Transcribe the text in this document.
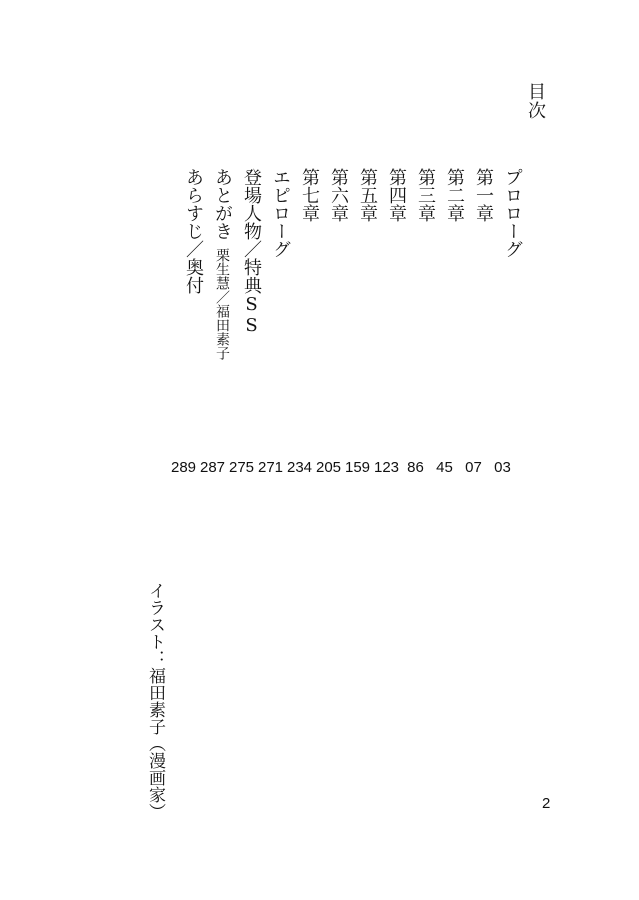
目次
プロローグ
第一章
第二章
第三章
第四章
第五章
第六章
第七章
エピローグ
登場人物／特典SS
あとがき
栗生慧／福田素子
あらすじ／奥付
03
07
45
86
123
159
205
234
271
275
287
289
イラスト：福田素子（漫画家）	2
